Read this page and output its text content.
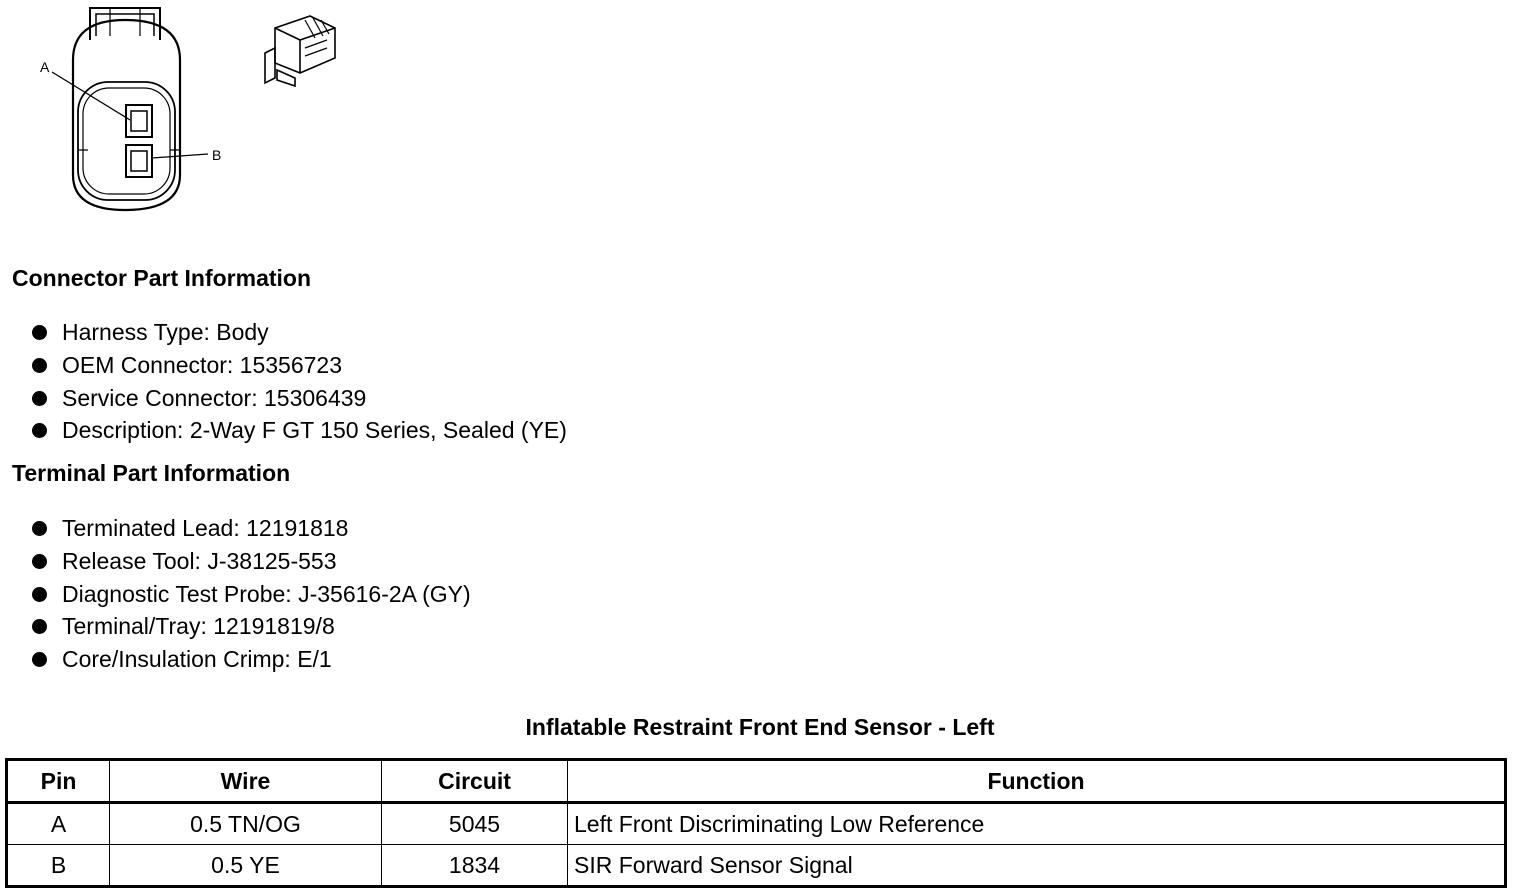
A
B
Connector Part Information
Harness Type: Body
OEM Connector: 15356723
Service Connector: 15306439
Description: 2-Way F GT 150 Series, Sealed (YE)
Terminal Part Information
Terminated Lead: 12191818
Release Tool: J-38125-553
Diagnostic Test Probe: J-35616-2A (GY)
Terminal/Tray: 12191819/8
Core/Insulation Crimp: E/1
Inflatable Restraint Front End Sensor - Left
Pin	Wire	Circuit	Function
A	0.5 TN/OG	5045	Left Front Discriminating Low Reference
B	0.5 YE	1834	SIR Forward Sensor Signal
